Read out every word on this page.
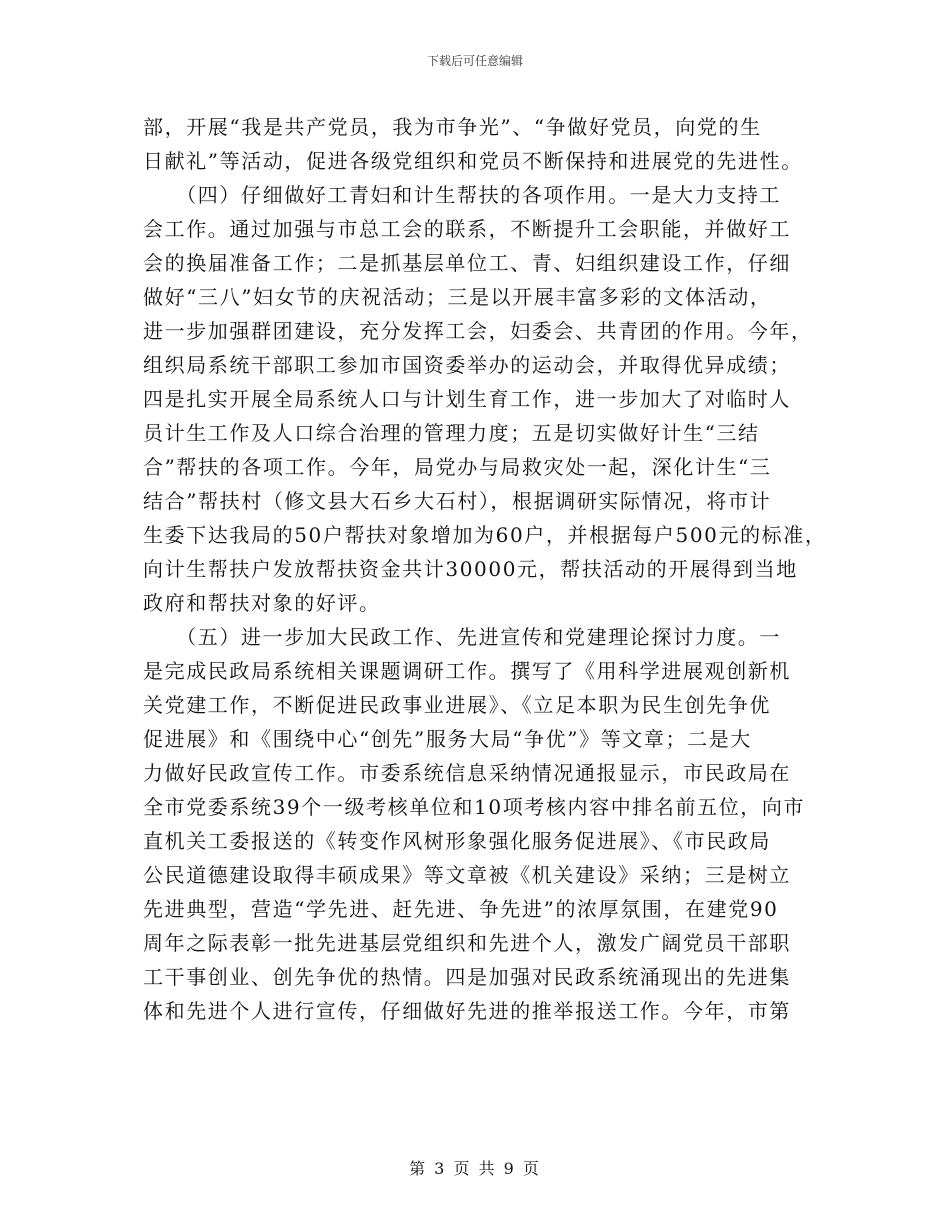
下载后可任意编辑
部，开展“我是共产党员，我为市争光”、“争做好党员，向党的生
日献礼”等活动，促进各级党组织和党员不断保持和进展党的先进性。
　　（四）仔细做好工青妇和计生帮扶的各项作用。一是大力支持工
会工作。通过加强与市总工会的联系，不断提升工会职能，并做好工
会的换届准备工作；二是抓基层单位工、青、妇组织建设工作，仔细
做好“三八”妇女节的庆祝活动；三是以开展丰富多彩的文体活动，
进一步加强群团建设，充分发挥工会，妇委会、共青团的作用。今年，
组织局系统干部职工参加市国资委举办的运动会，并取得优异成绩；
四是扎实开展全局系统人口与计划生育工作，进一步加大了对临时人
员计生工作及人口综合治理的管理力度；五是切实做好计生“三结
合”帮扶的各项工作。今年，局党办与局救灾处一起，深化计生“三
结合”帮扶村（修文县大石乡大石村），根据调研实际情况，将市计
生委下达我局的50户帮扶对象增加为60户，并根据每户500元的标准，
向计生帮扶户发放帮扶资金共计30000元，帮扶活动的开展得到当地
政府和帮扶对象的好评。
　　（五）进一步加大民政工作、先进宣传和党建理论探讨力度。一
是完成民政局系统相关课题调研工作。撰写了《用科学进展观创新机
关党建工作，不断促进民政事业进展》、《立足本职为民生创先争优
促进展》和《围绕中心“创先”服务大局“争优”》等文章；二是大
力做好民政宣传工作。市委系统信息采纳情况通报显示，市民政局在
全市党委系统39个一级考核单位和10项考核内容中排名前五位，向市
直机关工委报送的《转变作风树形象强化服务促进展》、《市民政局
公民道德建设取得丰硕成果》等文章被《机关建设》采纳；三是树立
先进典型，营造“学先进、赶先进、争先进”的浓厚氛围，在建党90
周年之际表彰一批先进基层党组织和先进个人，激发广阔党员干部职
工干事创业、创先争优的热情。四是加强对民政系统涌现出的先进集
体和先进个人进行宣传，仔细做好先进的推举报送工作。今年，市第
第 3 页 共 9 页
